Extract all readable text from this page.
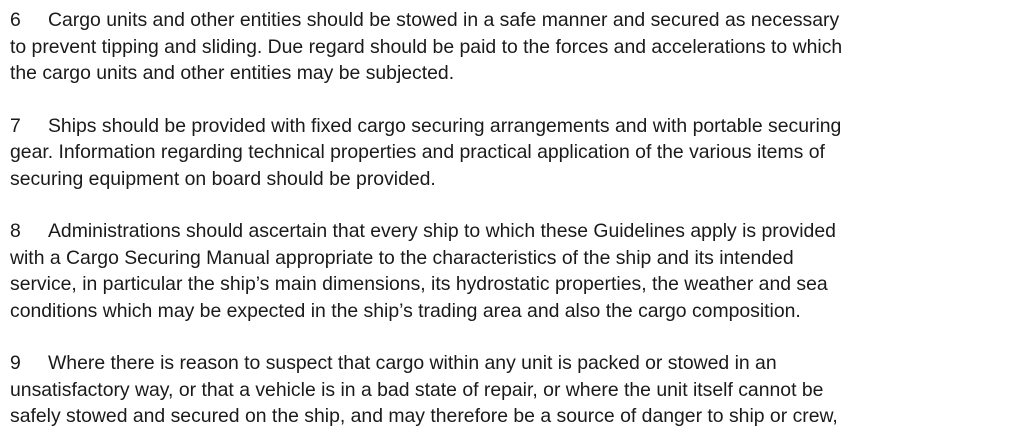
6 Cargo units and other entities should be stowed in a safe manner and secured as necessary
to prevent tipping and sliding. Due regard should be paid to the forces and accelerations to which
the cargo units and other entities may be subjected.
7 Ships should be provided with fixed cargo securing arrangements and with portable securing
gear. Information regarding technical properties and practical application of the various items of
securing equipment on board should be provided.
8 Administrations should ascertain that every ship to which these Guidelines apply is provided
with a Cargo Securing Manual appropriate to the characteristics of the ship and its intended
service, in particular the ship’s main dimensions, its hydrostatic properties, the weather and sea
conditions which may be expected in the ship’s trading area and also the cargo composition.
9 Where there is reason to suspect that cargo within any unit is packed or stowed in an
unsatisfactory way, or that a vehicle is in a bad state of repair, or where the unit itself cannot be
safely stowed and secured on the ship, and may therefore be a source of danger to ship or crew,
